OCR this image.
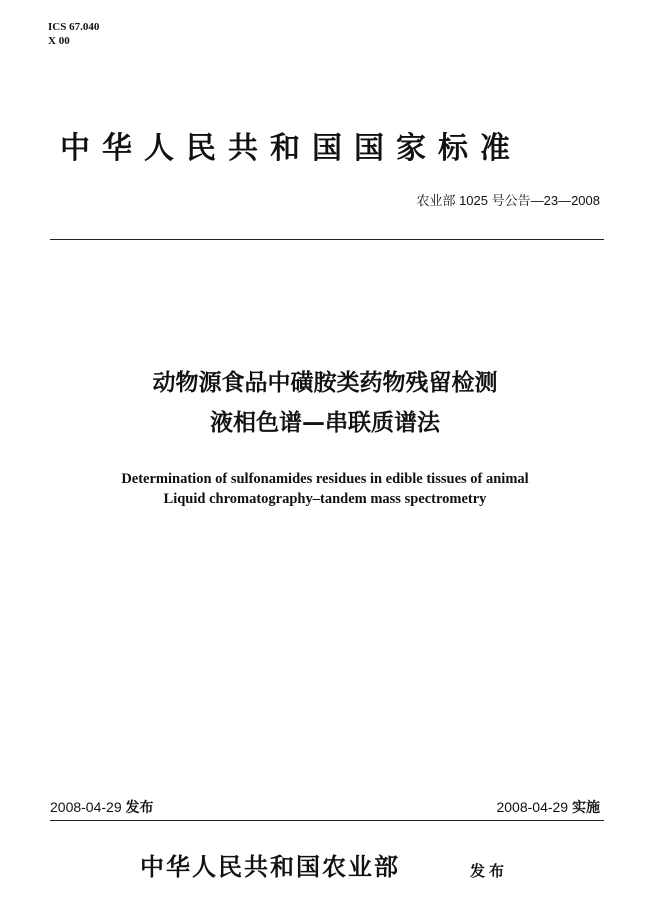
ICS 67.040
X 00
中华人民共和国国家标准
农业部 1025 号公告—23—2008
动物源食品中磺胺类药物残留检测
液相色谱—串联质谱法
Determination of sulfonamides residues in edible tissues of animal
Liquid chromatography–tandem mass spectrometry
2008-04-29 发布	2008-04-29 实施
中华人民共和国农业部	发布
